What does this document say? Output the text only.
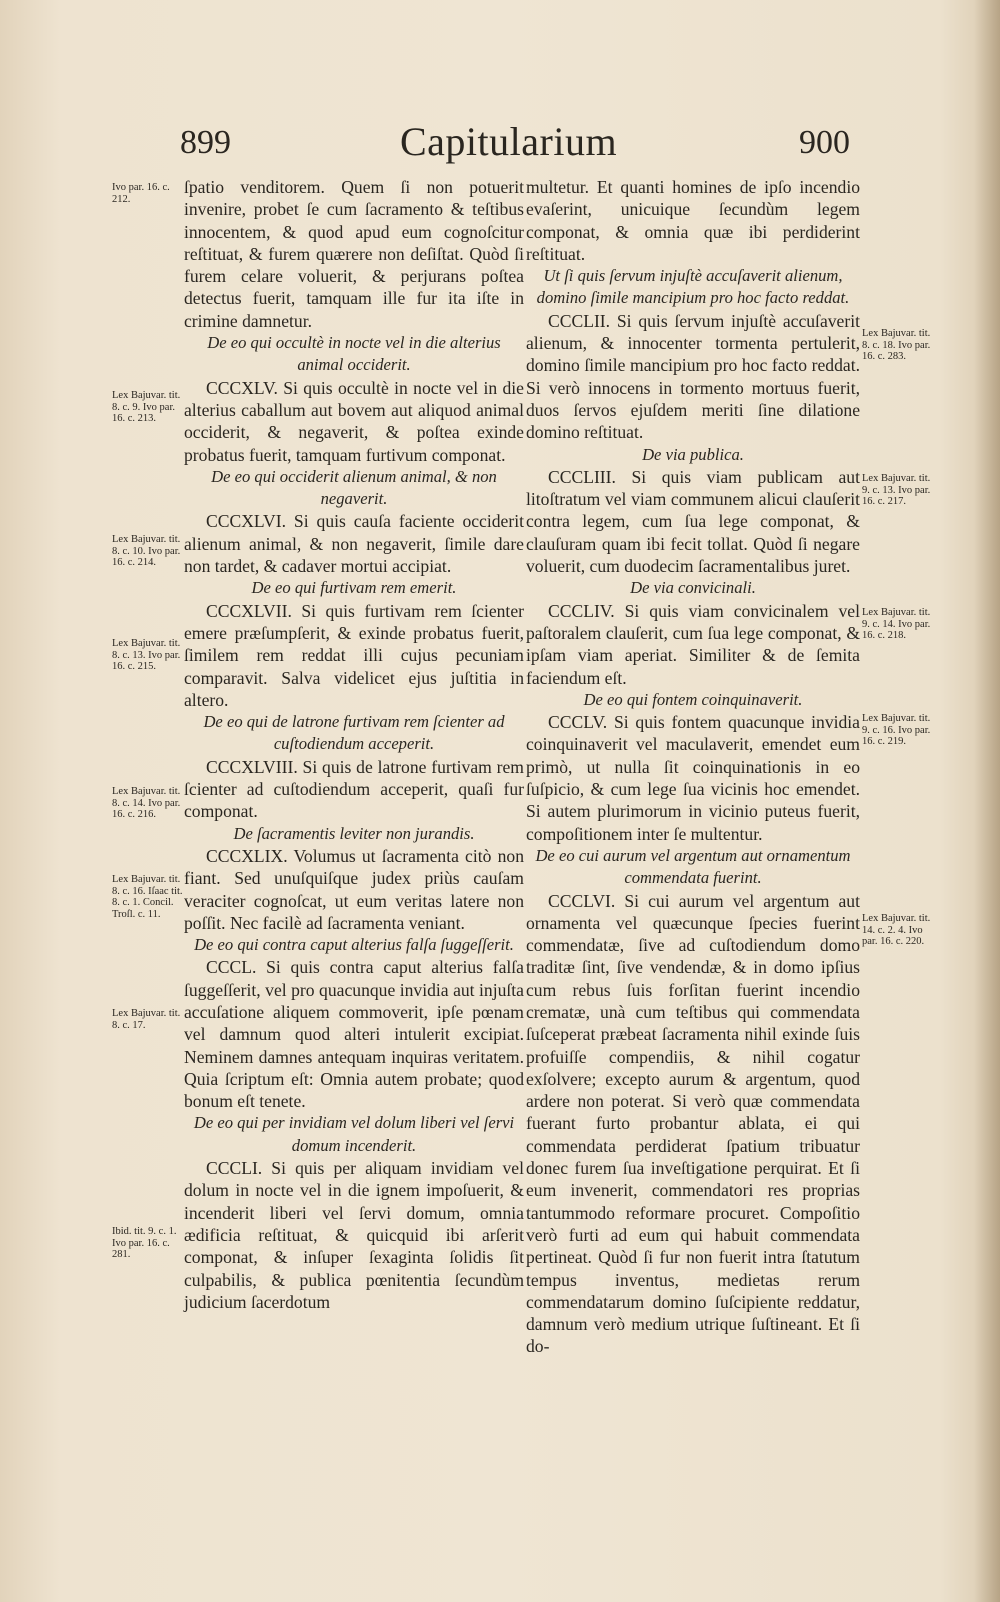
899	Capitularium	900

ſpatio venditorem. Quem ſi non potuerit invenire, probet ſe cum ſacramento & teſtibus innocentem, & quod apud eum cognoſcitur reſtituat, & furem quærere non deſiſtat. Quòd ſi furem celare voluerit, & perjurans poſtea detectus fuerit, tamquam ille fur ita iſte in crimine damnetur.

De eo qui occultè in nocte vel in die alterius animal occiderit.

CCCXLV. Si quis occultè in nocte vel in die alterius caballum aut bovem aut aliquod animal occiderit, & negaverit, & poſtea exinde probatus fuerit, tamquam furtivum componat.

De eo qui occiderit alienum animal, & non negaverit.

CCCXLVI. Si quis cauſa faciente occiderit alienum animal, & non negaverit, ſimile dare non tardet, & cadaver mortui accipiat.

De eo qui furtivam rem emerit.

CCCXLVII. Si quis furtivam rem ſcienter emere præſumpſerit, & exinde probatus fuerit, ſimilem rem reddat illi cujus pecuniam comparavit. Salva videlicet ejus juſtitia in altero.

De eo qui de latrone furtivam rem ſcienter ad cuſtodiendum acceperit.

CCCXLVIII. Si quis de latrone furtivam rem ſcienter ad cuſtodiendum acceperit, quaſi fur componat.

De ſacramentis leviter non jurandis.

CCCXLIX. Volumus ut ſacramenta citò non fiant. Sed unuſquiſque judex priùs cauſam veraciter cognoſcat, ut eum veritas latere non poſſit. Nec facilè ad ſacramenta veniant.

De eo qui contra caput alterius falſa ſuggeſſerit.

CCCL. Si quis contra caput alterius falſa ſuggeſſerit, vel pro quacunque invidia aut injuſta accuſatione aliquem commoverit, ipſe pœnam vel damnum quod alteri intulerit excipiat. Neminem damnes antequam inquiras veritatem. Quia ſcriptum eſt: Omnia autem probate; quod bonum eſt tenete.

De eo qui per invidiam vel dolum liberi vel ſervi domum incenderit.

CCCLI. Si quis per aliquam invidiam vel dolum in nocte vel in die ignem impoſuerit, & incenderit liberi vel ſervi domum, omnia ædificia reſtituat, & quicquid ibi arſerit componat, & inſuper ſexaginta ſolidis ſit culpabilis, & publica pœnitentia ſecundùm judicium ſacerdotum

multetur. Et quanti homines de ipſo incendio evaſerint, unicuique ſecundùm legem componat, & omnia quæ ibi perdiderint reſtituat.

Ut ſi quis ſervum injuſtè accuſaverit alienum, domino ſimile mancipium pro hoc facto reddat.

CCCLII. Si quis ſervum injuſtè accuſaverit alienum, & innocenter tormenta pertulerit, domino ſimile mancipium pro hoc facto reddat. Si verò innocens in tormento mortuus fuerit, duos ſervos ejuſdem meriti ſine dilatione domino reſtituat.

De via publica.

CCCLIII. Si quis viam publicam aut litoſtratum vel viam communem alicui clauſerit contra legem, cum ſua lege componat, & clauſuram quam ibi fecit tollat. Quòd ſi negare voluerit, cum duodecim ſacramentalibus juret.

De via convicinali.

CCCLIV. Si quis viam convicinalem vel paſtoralem clauſerit, cum ſua lege componat, & ipſam viam aperiat. Similiter & de ſemita faciendum eſt.

De eo qui fontem coinquinaverit.

CCCLV. Si quis fontem quacunque invidia coinquinaverit vel maculaverit, emendet eum primò, ut nulla ſit coinquinationis in eo ſuſpicio, & cum lege ſua vicinis hoc emendet. Si autem plurimorum in vicinio puteus fuerit, compoſitionem inter ſe multentur.

De eo cui aurum vel argentum aut ornamentum commendata fuerint.

CCCLVI. Si cui aurum vel argentum aut ornamenta vel quæcunque ſpecies fuerint commendatæ, ſive ad cuſtodiendum domo traditæ ſint, ſive vendendæ, & in domo ipſius cum rebus ſuis forſitan fuerint incendio crematæ, unà cum teſtibus qui commendata ſuſceperat præbeat ſacramenta nihil exinde ſuis profuiſſe compendiis, & nihil cogatur exſolvere; excepto aurum & argentum, quod ardere non poterat. Si verò quæ commendata fuerant furto probantur ablata, ei qui commendata perdiderat ſpatium tribuatur donec furem ſua inveſtigatione perquirat. Et ſi eum invenerit, commendatori res proprias tantummodo reformare procuret. Compoſitio verò furti ad eum qui habuit commendata pertineat. Quòd ſi fur non fuerit intra ſtatutum tempus inventus, medietas rerum commendatarum domino ſuſcipiente reddatur, damnum verò medium utrique ſuſtineant. Et ſi do-

Ivo par. 16. c. 212.
Lex Bajuvar. tit. 8. c. 9. Ivo par. 16. c. 213.
Lex Bajuvar. tit. 8. c. 10. Ivo par. 16. c. 214.
Lex Bajuvar. tit. 8. c. 13. Ivo par. 16. c. 215.
Lex Bajuvar. tit. 8. c. 14. Ivo par. 16. c. 216.
Lex Bajuvar. tit. 8. c. 16. Iſaac tit. 8. c. 1. Concil. Troſl. c. 11.
Lex Bajuvar. tit. 8. c. 17.
Ibid. tit. 9. c. 1. Ivo par. 16. c. 281.
Lex Bajuvar. tit. 8. c. 18. Ivo par. 16. c. 283.
Lex Bajuvar. tit. 9. c. 13. Ivo par. 16. c. 217.
Lex Bajuvar. tit. 9. c. 14. Ivo par. 16. c. 218.
Lex Bajuvar. tit. 9. c. 16. Ivo par. 16. c. 219.
Lex Bajuvar. tit. 14. c. 2. 4. Ivo par. 16. c. 220.
